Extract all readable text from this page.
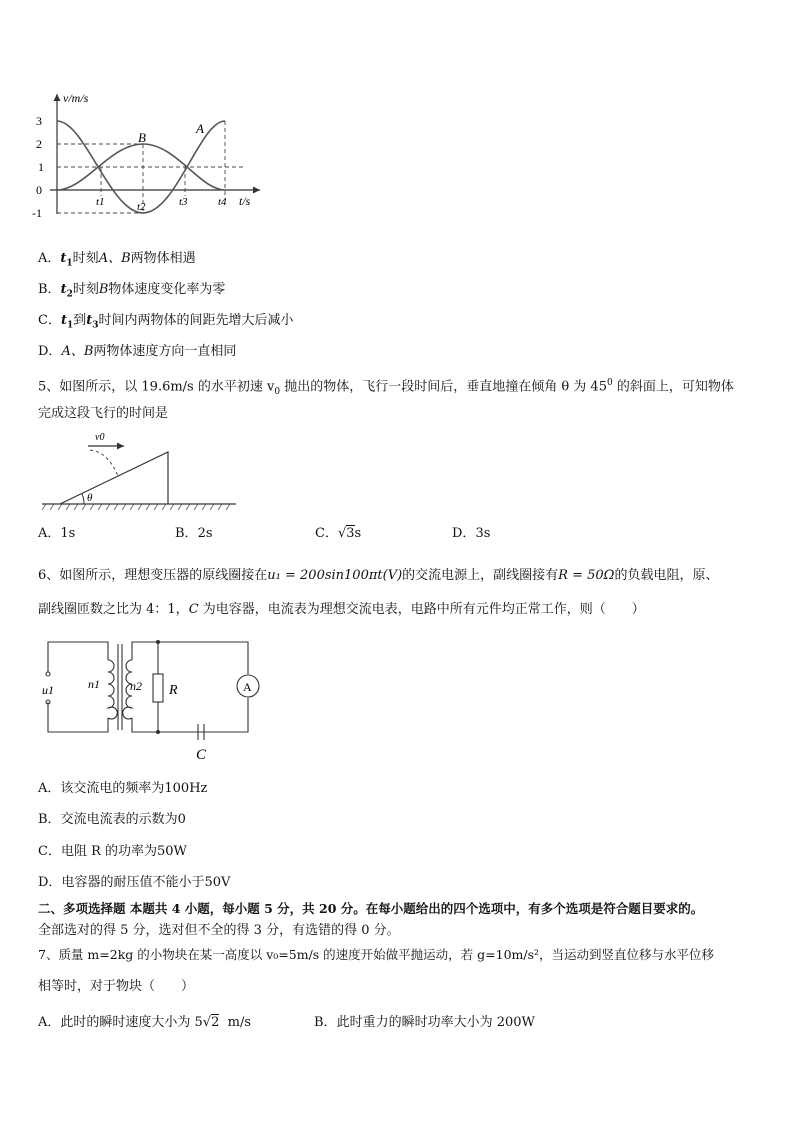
3
2
1
0
-1
v/m/s
t/s
t1	t2	t3	t4
A
B
A．$t_1$时刻A、B两物体相遇
B．$t_2$时刻B物体速度变化率为零
C．$t_1$到$t_3$时间内两物体的间距先增大后减小
D．A、B两物体速度方向一直相同
5、如图所示，以 19.6m/s 的水平初速 $v_0$ 抛出的物体，飞行一段时间后，垂直地撞在倾角 θ 为 $45^0$ 的斜面上，可知物体
完成这段飞行的时间是
θ
v0
A．1s	B．2s	C．√3s	D．3s
6、如图所示，理想变压器的原线圈接在u₁ = 200sin100πt(V)的交流电源上，副线圈接有R = 50Ω的负载电阻，原、
副线圈匝数之比为 4：1，C 为电容器，电流表为理想交流电表，电路中所有元件均正常工作，则（　　）
u1	n1	n2 R	A
C
A．该交流电的频率为100Hz
B．交流电流表的示数为0
C．电阻 R 的功率为50W
D．电容器的耐压值不能小于50V
二、多项选择题 本题共 4 小题，每小题 5 分，共 20 分。在每小题给出的四个选项中，有多个选项是符合题目要求的。
全部选对的得 5 分，选对但不全的得 3 分，有选错的得 0 分。
7、质量 m=2kg 的小物块在某一高度以 v₀=5m/s 的速度开始做平抛运动，若 g=10m/s²，当运动到竖直位移与水平位移
相等时，对于物块（　　）
A．此时的瞬时速度大小为 5√2 m/s	B．此时重力的瞬时功率大小为 200W
